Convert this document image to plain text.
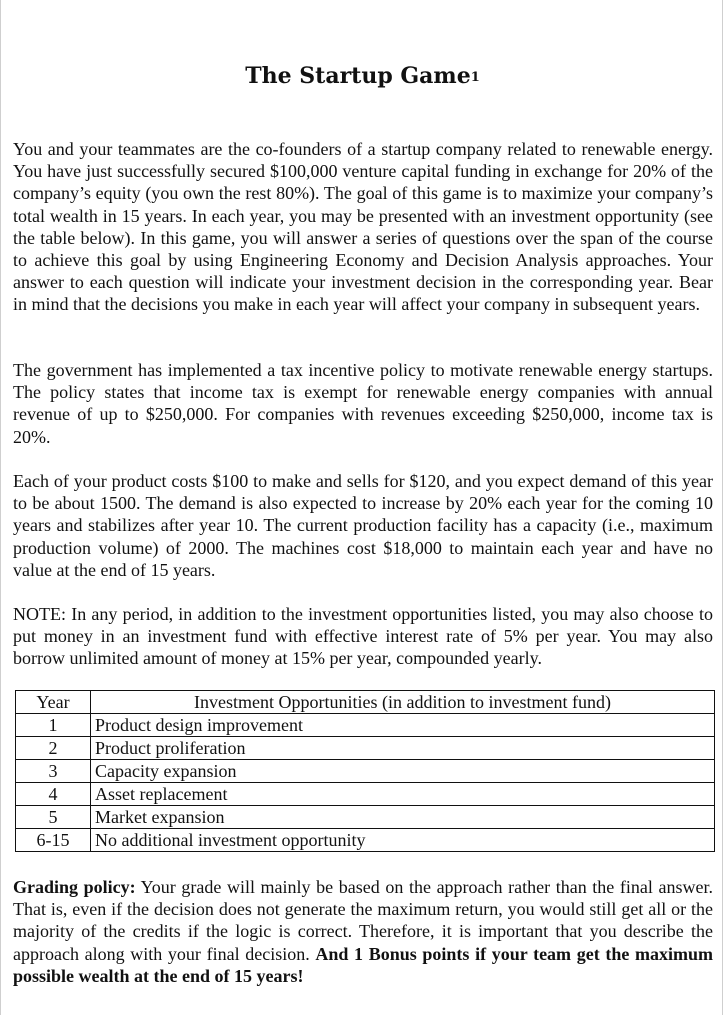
The Startup Game$^1$

You and your teammates are the co-founders of a startup company related to renewable energy. You have just successfully secured $100,000 venture capital funding in exchange for 20% of the company’s equity (you own the rest 80%). The goal of this game is to maximize your company’s total wealth in 15 years. In each year, you may be presented with an investment opportunity (see the table below). In this game, you will answer a series of questions over the span of the course to achieve this goal by using Engineering Economy and Decision Analysis approaches. Your answer to each question will indicate your investment decision in the corresponding year. Bear in mind that the decisions you make in each year will affect your company in subsequent years.

The government has implemented a tax incentive policy to motivate renewable energy startups. The policy states that income tax is exempt for renewable energy companies with annual revenue of up to $250,000. For companies with revenues exceeding $250,000, income tax is 20%.

Each of your product costs $100 to make and sells for $120, and you expect demand of this year to be about 1500. The demand is also expected to increase by 20% each year for the coming 10 years and stabilizes after year 10. The current production facility has a capacity (i.e., maximum production volume) of 2000. The machines cost $18,000 to maintain each year and have no value at the end of 15 years.

NOTE: In any period, in addition to the investment opportunities listed, you may also choose to put money in an investment fund with effective interest rate of 5% per year. You may also borrow unlimited amount of money at 15% per year, compounded yearly.

Year	Investment Opportunities (in addition to investment fund)
1	Product design improvement
2	Product proliferation
3	Capacity expansion
4	Asset replacement
5	Market expansion
6-15	No additional investment opportunity

Grading policy: Your grade will mainly be based on the approach rather than the final answer. That is, even if the decision does not generate the maximum return, you would still get all or the majority of the credits if the logic is correct. Therefore, it is important that you describe the approach along with your final decision. And 1 Bonus points if your team get the maximum possible wealth at the end of 15 years!
